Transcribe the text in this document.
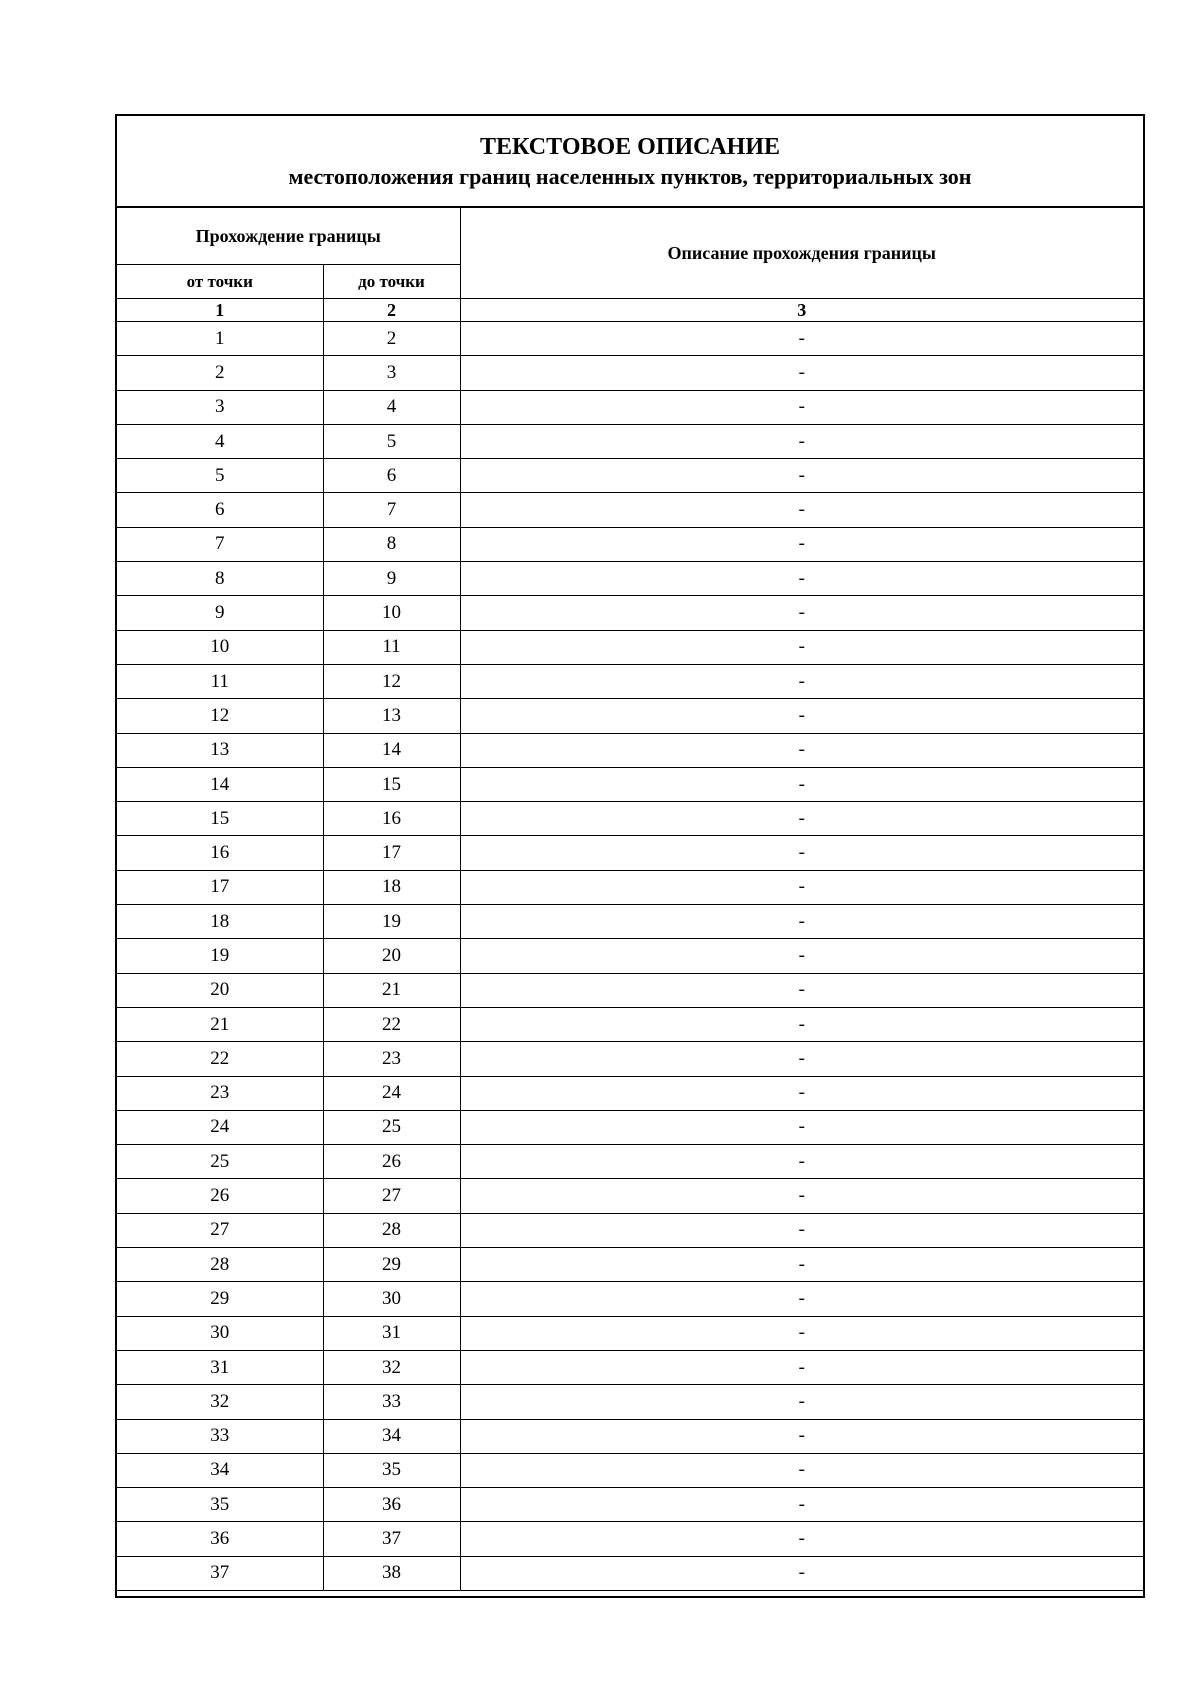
ТЕКСТОВОЕ ОПИСАНИЕ
местоположения границ населенных пунктов, территориальных зон
Прохождение границы		Описание прохождения границы
от точки	до точки	
1	2	3
1	2	-
2	3	-
3	4	-
4	5	-
5	6	-
6	7	-
7	8	-
8	9	-
9	10	-
10	11	-
11	12	-
12	13	-
13	14	-
14	15	-
15	16	-
16	17	-
17	18	-
18	19	-
19	20	-
20	21	-
21	22	-
22	23	-
23	24	-
24	25	-
25	26	-
26	27	-
27	28	-
28	29	-
29	30	-
30	31	-
31	32	-
32	33	-
33	34	-
34	35	-
35	36	-
36	37	-
37	38	-
